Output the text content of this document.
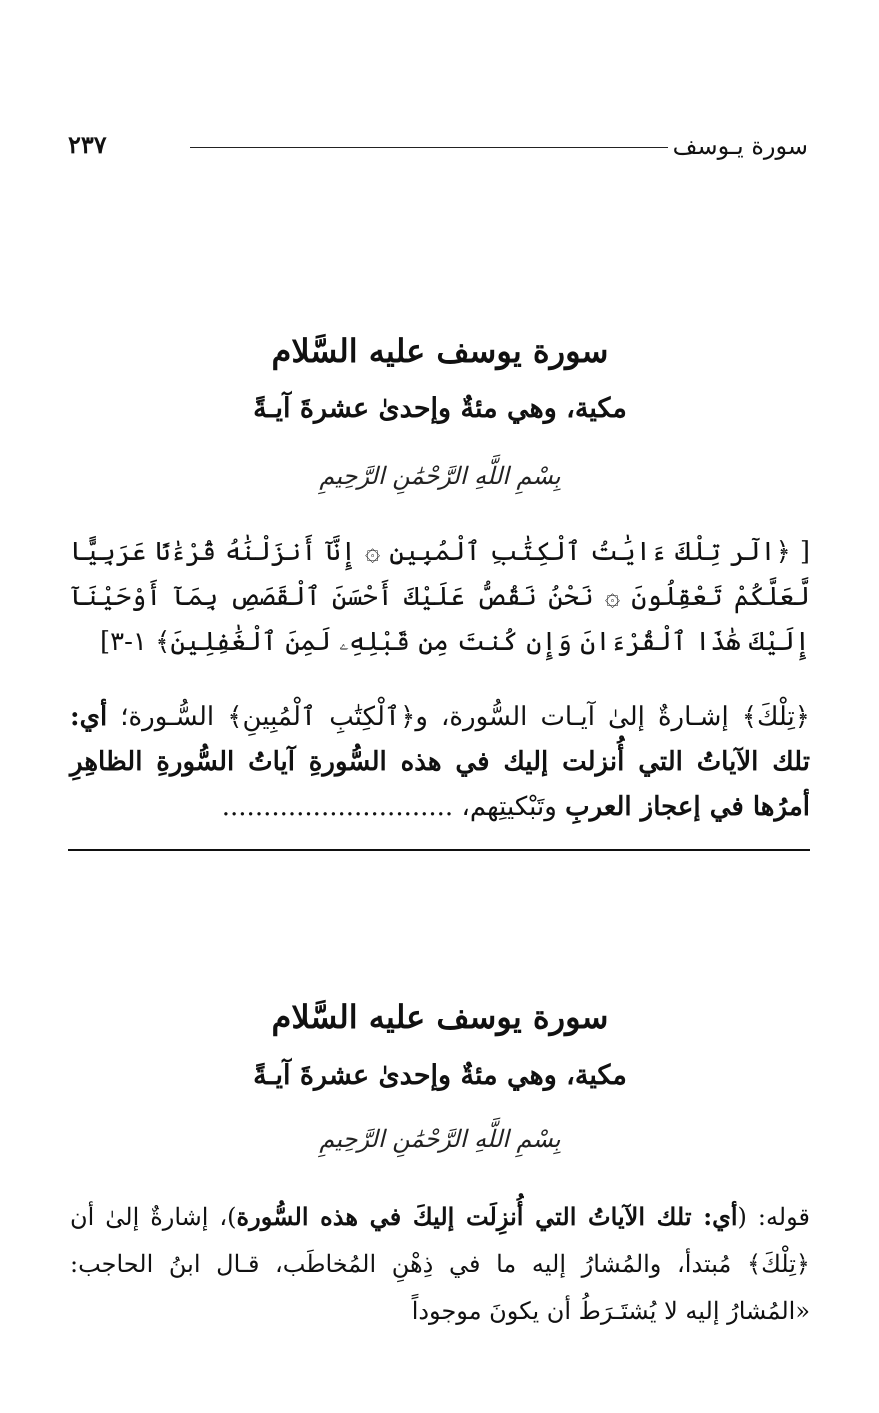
سورة يـوسف
٢٣٧
سورة يوسف عليه السَّلام
مكية، وهي مئةٌ وإحدىٰ عشرةَ آيـةً
بِسْمِ اللَّهِ الرَّحْمَٰنِ الرَّحِيمِ
[ ﴿الٓر تِلْكَ ءَايَٰتُ ٱلْكِتَٰبِ ٱلْمُبِينِ ۞ إِنَّآ أَنزَلْنَٰهُ قُرْءَٰنًا عَرَبِيًّا لَّعَلَّكُمْ تَعْقِلُونَ ۞ نَحْنُ نَقُصُّ عَلَيْكَ أَحْسَنَ ٱلْقَصَصِ بِمَآ أَوْحَيْنَآ إِلَيْكَ هَٰذَا ٱلْقُرْءَانَ وَإِن كُنتَ مِن قَبْلِهِۦ لَمِنَ ٱلْغَٰفِلِينَ﴾ ١-٣]
﴿تِلْكَ﴾ إشـارةٌ إلىٰ آيـات السُّورة، و﴿ٱلْكِتَٰبِ ٱلْمُبِينِ﴾ السُّـورة؛ أي: تلك الآياتُ التي أُنزلت إليك في هذه السُّورةِ آياتُ السُّورةِ الظاهِرِ أمرُها في إعجاز العربِ وتَبْكيتِهم، ............................
سورة يوسف عليه السَّلام
مكية، وهي مئةٌ وإحدىٰ عشرةَ آيـةً
بِسْمِ اللَّهِ الرَّحْمَٰنِ الرَّحِيمِ
قوله: (أي: تلك الآياتُ التي أُنزِلَت إليكَ في هذه السُّورة‏)، إشارةٌ إلىٰ أن ﴿تِلْكَ﴾ مُبتدأ، والمُشارُ إليه ما في ذِهْنِ المُخاطَب، قـال ابنُ الحاجب: «المُشارُ إليه لا يُشتَـرَطُ أن يكونَ موجوداً
